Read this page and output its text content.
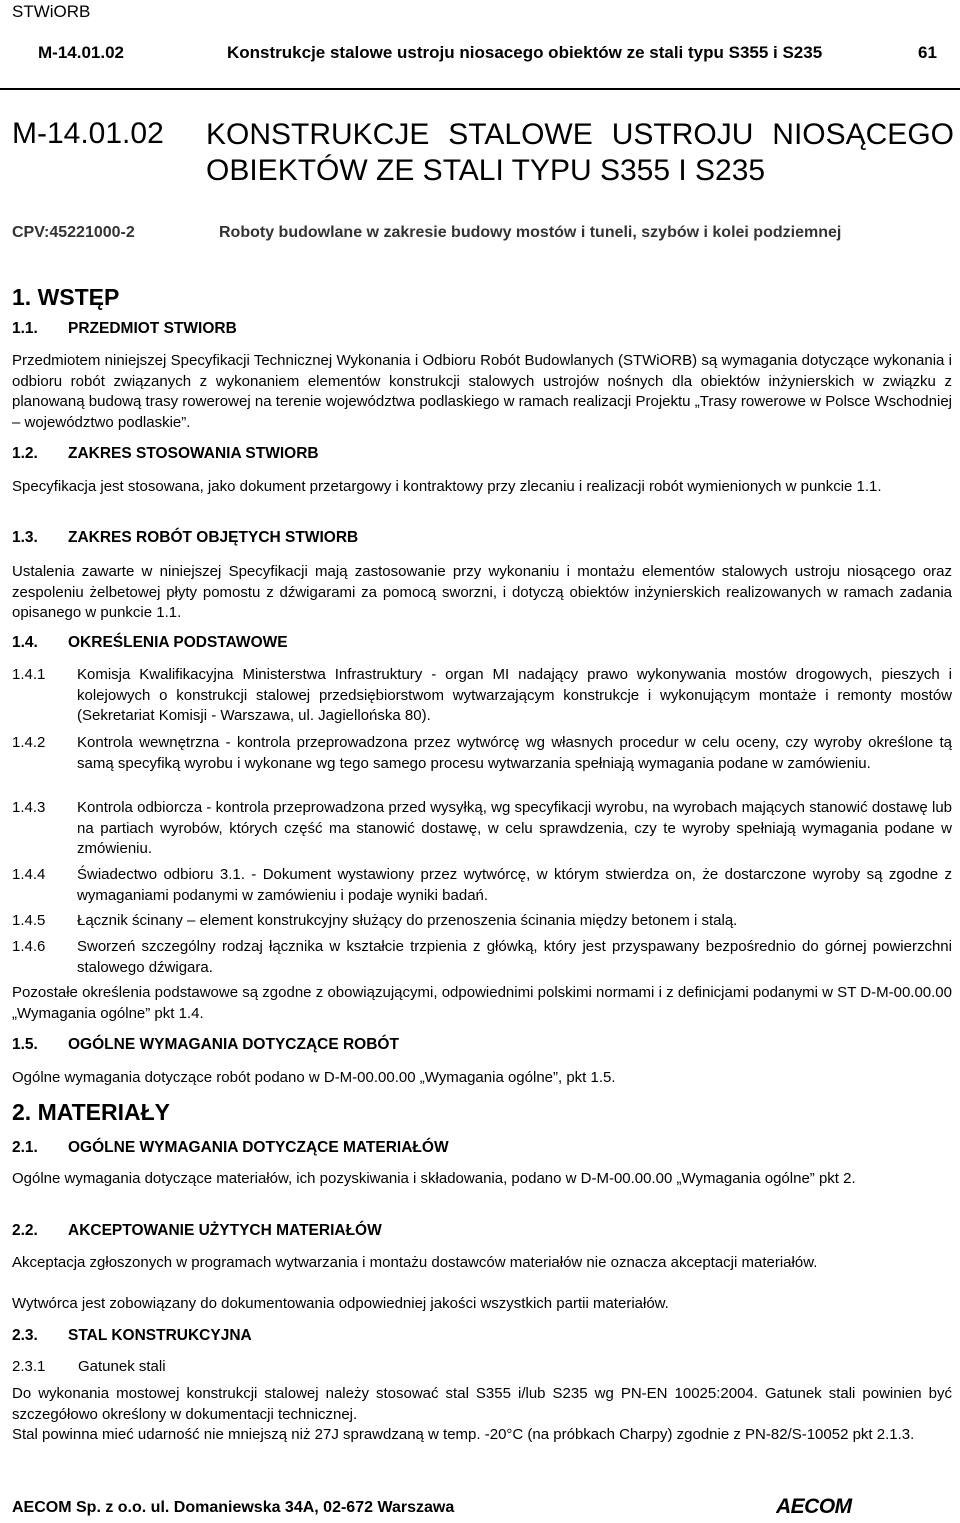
STWiORB
M-14.01.02	Konstrukcje stalowe ustroju niosacego obiektów ze stali typu S355 i S235	61
M-14.01.02 KONSTRUKCJE STALOWE USTROJU NIOSĄCEGO
OBIEKTÓW ZE STALI TYPU S355 I S235
CPV:45221000-2	Roboty budowlane w zakresie budowy mostów i tuneli, szybów i kolei podziemnej
1. WSTĘP
1.1. PRZEDMIOT STWIORB
Przedmiotem niniejszej Specyfikacji Technicznej Wykonania i Odbioru Robót Budowlanych (STWiORB) są wymagania dotyczące wykonania i odbioru robót związanych z wykonaniem elementów konstrukcji stalowych ustrojów nośnych dla obiektów inżynierskich w związku z planowaną budową trasy rowerowej na terenie województwa podlaskiego w ramach realizacji Projektu „Trasy rowerowe w Polsce Wschodniej – województwo podlaskie”.
1.2. ZAKRES STOSOWANIA STWIORB
Specyfikacja jest stosowana, jako dokument przetargowy i kontraktowy przy zlecaniu i realizacji robót wymienionych w punkcie 1.1.
1.3. ZAKRES ROBÓT OBJĘTYCH STWIORB
Ustalenia zawarte w niniejszej Specyfikacji mają zastosowanie przy wykonaniu i montażu elementów stalowych ustroju niosącego oraz zespoleniu żelbetowej płyty pomostu z dźwigarami za pomocą sworzni, i dotyczą obiektów inżynierskich realizowanych w ramach zadania opisanego w punkcie 1.1.
1.4. OKREŚLENIA PODSTAWOWE
1.4.1 Komisja Kwalifikacyjna Ministerstwa Infrastruktury - organ MI nadający prawo wykonywania mostów drogowych, pieszych i kolejowych o konstrukcji stalowej przedsiębiorstwom wytwarzającym konstrukcje i wykonującym montaże i remonty mostów (Sekretariat Komisji - Warszawa, ul. Jagiellońska 80).
1.4.2 Kontrola wewnętrzna - kontrola przeprowadzona przez wytwórcę wg własnych procedur w celu oceny, czy wyroby określone tą samą specyfiką wyrobu i wykonane wg tego samego procesu wytwarzania spełniają wymagania podane w zamówieniu.
1.4.3 Kontrola odbiorcza - kontrola przeprowadzona przed wysyłką, wg specyfikacji wyrobu, na wyrobach mających stanowić dostawę lub na partiach wyrobów, których część ma stanowić dostawę, w celu sprawdzenia, czy te wyroby spełniają wymagania podane w zmówieniu.
1.4.4 Świadectwo odbioru 3.1. - Dokument wystawiony przez wytwórcę, w którym stwierdza on, że dostarczone wyroby są zgodne z wymaganiami podanymi w zamówieniu i podaje wyniki badań.
1.4.5 Łącznik ścinany – element konstrukcyjny służący do przenoszenia ścinania między betonem i stalą.
1.4.6 Sworzeń szczególny rodzaj łącznika w kształcie trzpienia z główką, który jest przyspawany bezpośrednio do górnej powierzchni stalowego dźwigara.
Pozostałe określenia podstawowe są zgodne z obowiązującymi, odpowiednimi polskimi normami i z definicjami podanymi w ST D-M-00.00.00 „Wymagania ogólne” pkt 1.4.
1.5. OGÓLNE WYMAGANIA DOTYCZĄCE ROBÓT
Ogólne wymagania dotyczące robót podano w D-M-00.00.00 „Wymagania ogólne”, pkt 1.5.
2. MATERIAŁY
2.1. OGÓLNE WYMAGANIA DOTYCZĄCE MATERIAŁÓW
Ogólne wymagania dotyczące materiałów, ich pozyskiwania i składowania, podano w D-M-00.00.00 „Wymagania ogólne” pkt 2.
2.2. AKCEPTOWANIE UŻYTYCH MATERIAŁÓW
Akceptacja zgłoszonych w programach wytwarzania i montażu dostawców materiałów nie oznacza akceptacji materiałów.
Wytwórca jest zobowiązany do dokumentowania odpowiedniej jakości wszystkich partii materiałów.
2.3. STAL KONSTRUKCYJNA
2.3.1 Gatunek stali
Do wykonania mostowej konstrukcji stalowej należy stosować stal S355 i/lub S235 wg PN-EN 10025:2004. Gatunek stali powinien być szczegółowo określony w dokumentacji technicznej.
Stal powinna mieć udarność nie mniejszą niż 27J sprawdzaną w temp. -20°C (na próbkach Charpy) zgodnie z PN-82/S-10052 pkt 2.1.3.
AECOM Sp. z o.o. ul. Domaniewska 34A, 02-672 Warszawa	AECOM
